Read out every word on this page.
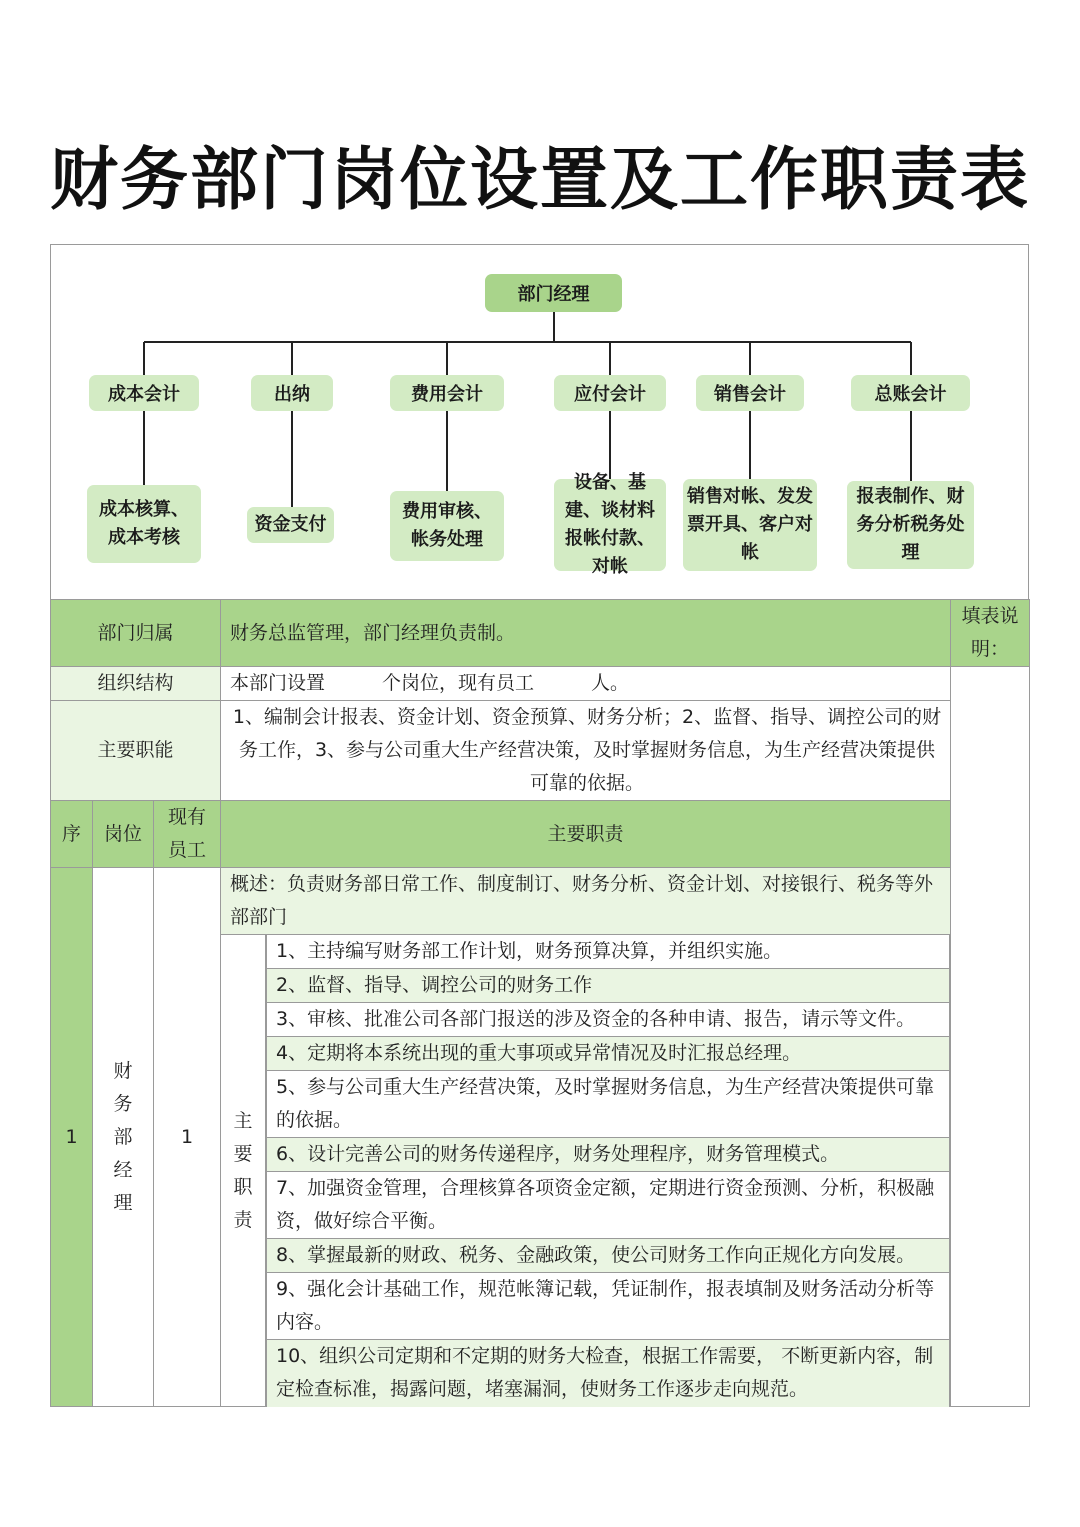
财务部门岗位设置及工作职责表
部门经理
成本会计	出纳	费用会计	应付会计	销售会计	总账会计
成本核算、成本考核
资金支付
费用审核、帐务处理
设备、基建、谈材料报帐付款、对帐
销售对帐、发发票开具、客户对帐
报表制作、财务分析税务处理
部门归属	财务总监管理，部门经理负责制。	填表说明：
组织结构	本部门设置　　　个岗位，现有员工　　　人。	
主要职能	1、编制会计报表、资金计划、资金预算、财务分析；2、监督、指导、调控公司的财务工作，3、参与公司重大生产经营决策，及时掌握财务信息，为生产经营决策提供可靠的依据。
序	岗位	现有员工	主要职责
1	财务部经理	1	概述：负责财务部日常工作、制度制订、财务分析、资金计划、对接银行、税务等外部部门
主要职责	
1、主持编写财务部工作计划，财务预算决算，并组织实施。
2、监督、指导、调控公司的财务工作
3、审核、批准公司各部门报送的涉及资金的各种申请、报告，请示等文件。
4、定期将本系统出现的重大事项或异常情况及时汇报总经理。
5、参与公司重大生产经营决策，及时掌握财务信息，为生产经营决策提供可靠的依据。
6、设计完善公司的财务传递程序，财务处理程序，财务管理模式。
7、加强资金管理，合理核算各项资金定额，定期进行资金预测、分析，积极融资，做好综合平衡。
8、掌握最新的财政、税务、金融政策，使公司财务工作向正规化方向发展。
9、强化会计基础工作，规范帐簿记载，凭证制作，报表填制及财务活动分析等内容。
10、组织公司定期和不定期的财务大检查，根据工作需要， 不断更新内容，制定检查标准，揭露问题，堵塞漏洞，使财务工作逐步走向规范。
